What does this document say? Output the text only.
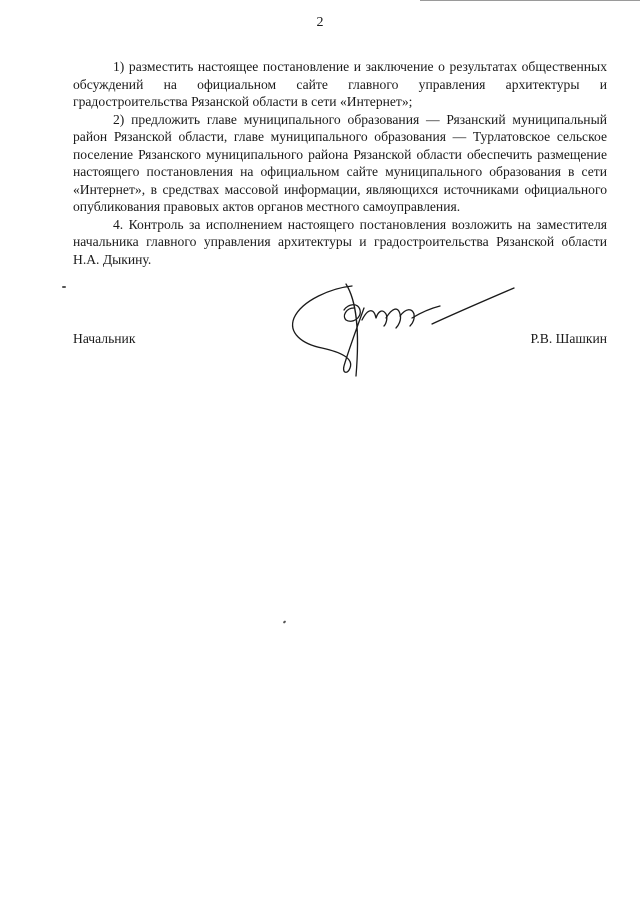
2

1) разместить настоящее постановление и заключение о результатах общественных обсуждений на официальном сайте главного управления архитектуры и градостроительства Рязанской области в сети «Интернет»;

2) предложить главе муниципального образования — Рязанский муниципальный район Рязанской области, главе муниципального образования — Турлатовское сельское поселение Рязанского муниципального района Рязанской области обеспечить размещение настоящего постановления на официальном сайте муниципального образования в сети «Интернет», в средствах массовой информации, являющихся источниками официального опубликования правовых актов органов местного самоуправления.

4. Контроль за исполнением настоящего постановления возложить на заместителя начальника главного управления архитектуры и градостроительства Рязанской области Н.А. Дыкину.

Начальник	Р.В. Шашкин
